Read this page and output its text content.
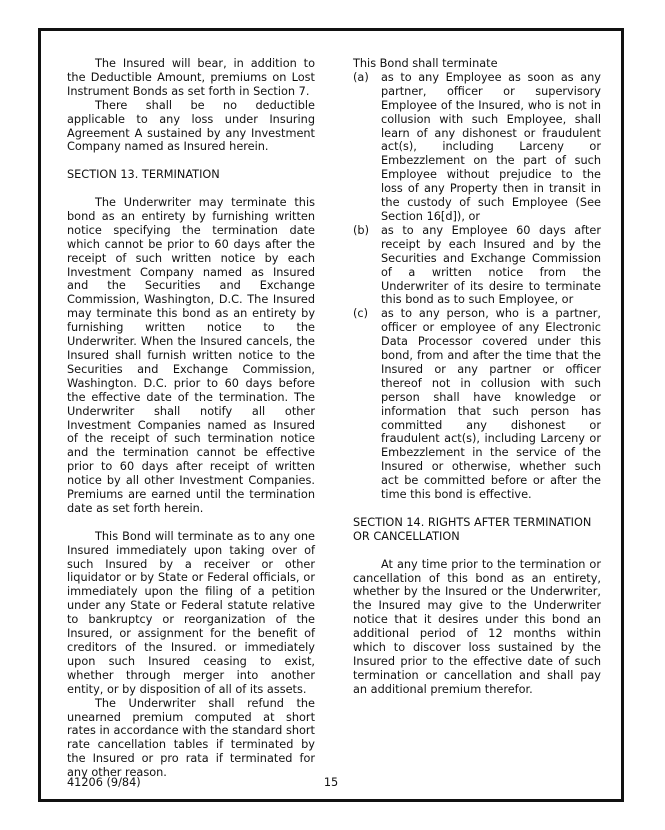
The Insured will bear, in addition to the Deductible Amount, premiums on Lost Instrument Bonds as set forth in Section 7.

There shall be no deductible applicable to any loss under Insuring Agreement A sustained by any Investment Company named as Insured herein.

SECTION 13. TERMINATION

The Underwriter may terminate this bond as an entirety by furnishing written notice specifying the termination date which cannot be prior to 60 days after the receipt of such written notice by each Investment Company named as Insured and the Securities and Exchange Commission, Washington, D.C. The Insured may terminate this bond as an entirety by furnishing written notice to the Underwriter. When the Insured cancels, the Insured shall furnish written notice to the Securities and Exchange Commission, Washington. D.C. prior to 60 days before the effective date of the termination. The Underwriter shall notify all other Investment Companies named as Insured of the receipt of such termination notice and the termination cannot be effective prior to 60 days after receipt of written notice by all other Investment Companies. Premiums are earned until the termination date as set forth herein.

This Bond will terminate as to any one Insured immediately upon taking over of such Insured by a receiver or other liquidator or by State or Federal officials, or immediately upon the filing of a petition under any State or Federal statute relative to bankruptcy or reorganization of the Insured, or assignment for the benefit of creditors of the Insured. or immediately upon such Insured ceasing to exist, whether through merger into another entity, or by disposition of all of its assets.

The Underwriter shall refund the unearned premium computed at short rates in accordance with the standard short rate cancellation tables if terminated by the Insured or pro rata if terminated for any other reason.

This Bond shall terminate

(a)	as to any Employee as soon as any partner, officer or supervisory Employee of the Insured, who is not in collusion with such Employee, shall learn of any dishonest or fraudulent act(s), including Larceny or Embezzlement on the part of such Employee without prejudice to the loss of any Property then in transit in the custody of such Employee (See Section 16[d]), or
(b)	as to any Employee 60 days after receipt by each Insured and by the Securities and Exchange Commission of a written notice from the Underwriter of its desire to terminate this bond as to such Employee, or
(c)	as to any person, who is a partner, officer or employee of any Electronic Data Processor covered under this bond, from and after the time that the Insured or any partner or officer thereof not in collusion with such person shall have knowledge or information that such person has committed any dishonest or fraudulent act(s), including Larceny or Embezzlement in the service of the Insured or otherwise, whether such act be committed before or after the time this bond is effective.

SECTION 14. RIGHTS AFTER TERMINATION

OR CANCELLATION

At any time prior to the termination or cancellation of this bond as an entirety, whether by the Insured or the Underwriter, the Insured may give to the Underwriter notice that it desires under this bond an additional period of 12 months within which to discover loss sustained by the Insured prior to the effective date of such termination or cancellation and shall pay an additional premium therefor.

41206 (9/84)	15
